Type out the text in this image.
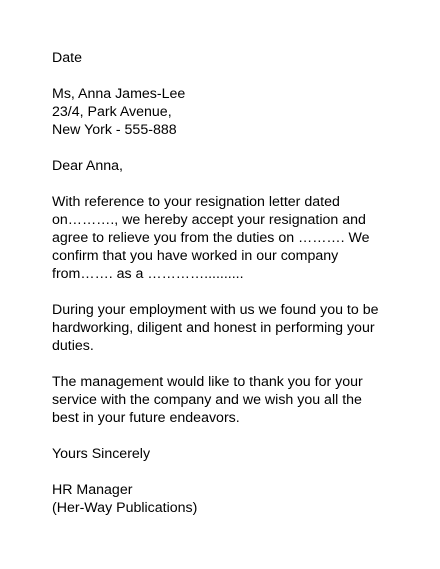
Date

Ms, Anna James-Lee
23/4, Park Avenue,
New York - 555-888

Dear Anna,

With reference to your resignation letter dated
on………., we hereby accept your resignation and
agree to relieve you from the duties on ………. We
confirm that you have worked in our company
from……. as a …………..........

During your employment with us we found you to be
hardworking, diligent and honest in performing your
duties.

The management would like to thank you for your
service with the company and we wish you all the
best in your future endeavors.

Yours Sincerely

HR Manager
(Her-Way Publications)
